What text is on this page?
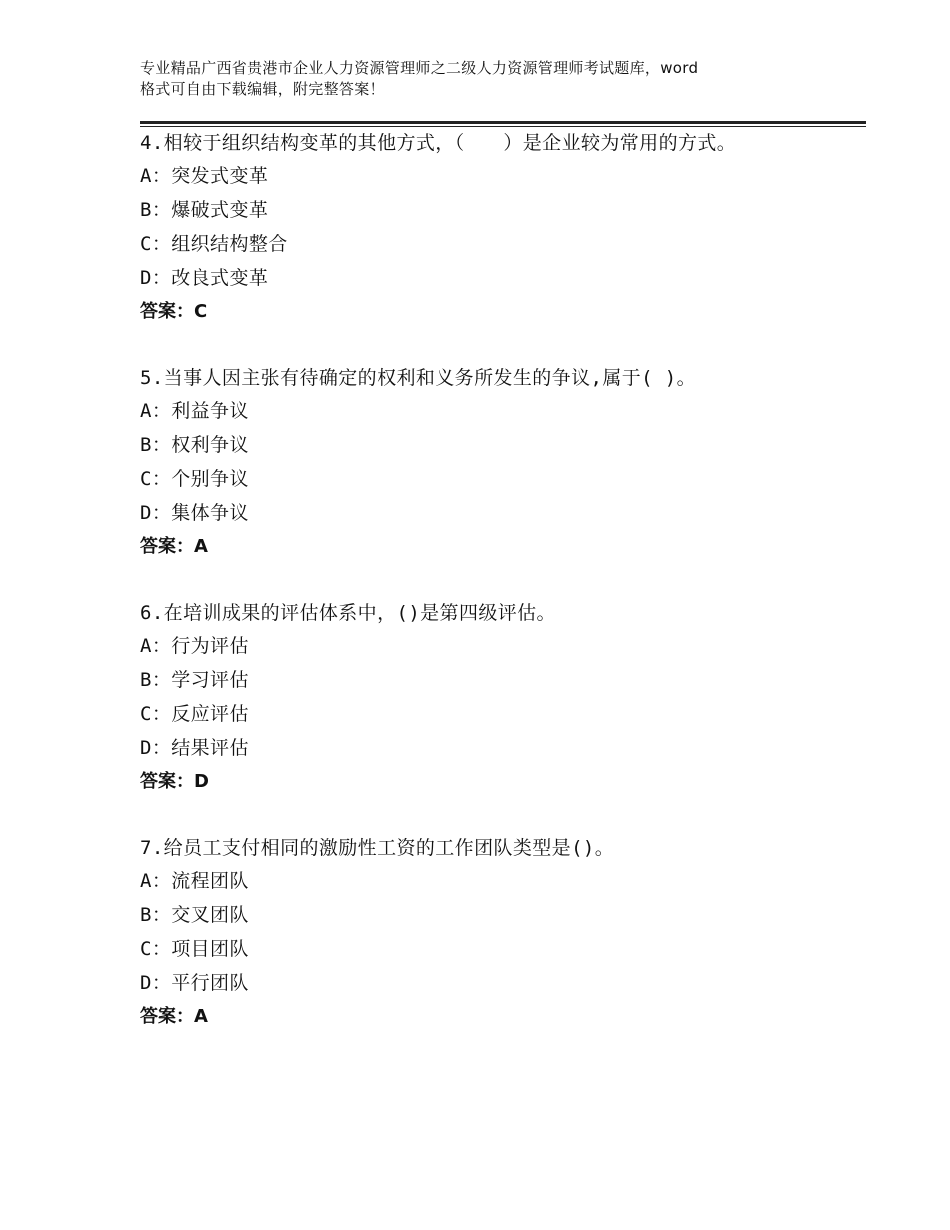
专业精品广西省贵港市企业人力资源管理师之二级人力资源管理师考试题库，word
格式可自由下载编辑，附完整答案！
4.相较于组织结构变革的其他方式，（　　）是企业较为常用的方式。
A：突发式变革
B：爆破式变革
C：组织结构整合
D：改良式变革
答案：C
5.当事人因主张有待确定的权利和义务所发生的争议,属于( )。
A：利益争议
B：权利争议
C：个别争议
D：集体争议
答案：A
6.在培训成果的评估体系中，()是第四级评估。
A：行为评估
B：学习评估
C：反应评估
D：结果评估
答案：D
7.给员工支付相同的激励性工资的工作团队类型是()。
A：流程团队
B：交叉团队
C：项目团队
D：平行团队
答案：A
